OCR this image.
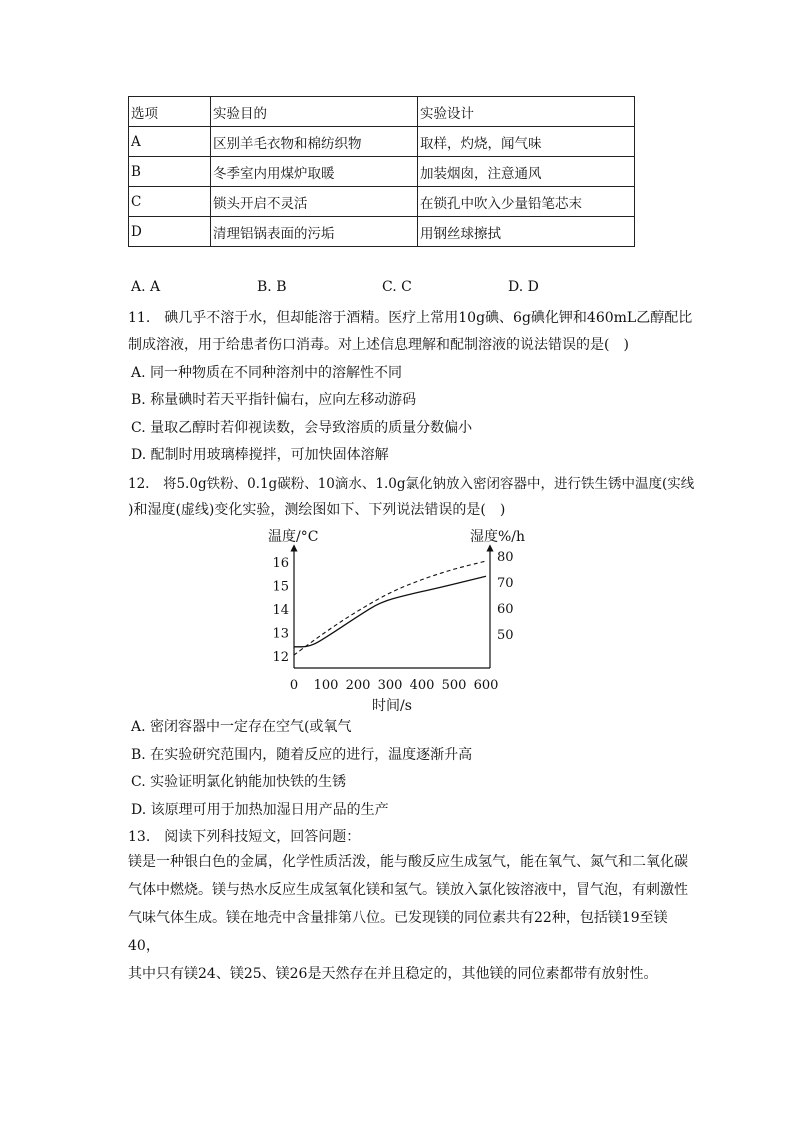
选项	实验目的	实验设计
A	区别羊毛衣物和棉纺织物	取样，灼烧，闻气味
B	冬季室内用煤炉取暖	加装烟囱，注意通风
C	锁头开启不灵活	在锁孔中吹入少量铅笔芯末
D	清理铝锅表面的污垢	用钢丝球擦拭
A. A	B. B	C. C	D. D
11.　碘几乎不溶于水，但却能溶于酒精。医疗上常用10g碘、6g碘化钾和460mL乙醇配比
制成溶液，用于给患者伤口消毒。对上述信息理解和配制溶液的说法错误的是(　)
A. 同一种物质在不同种溶剂中的溶解性不同
B. 称量碘时若天平指针偏右，应向左移动游码
C. 量取乙醇时若仰视读数，会导致溶质的质量分数偏小
D. 配制时用玻璃棒搅拌，可加快固体溶解
12.　将5.0g铁粉、0.1g碳粉、10滴水、1.0g氯化钠放入密闭容器中，进行铁生锈中温度(实线
)和湿度(虚线)变化实验，测绘图如下、下列说法错误的是(　)
温度/°C	湿度%/h
12
13
14
15
16
50
60
70
80
0 100 200 300 400 500 600
时间/s
A. 密闭容器中一定存在空气(或氧气
B. 在实验研究范围内，随着反应的进行，温度逐渐升高
C. 实验证明氯化钠能加快铁的生锈
D. 该原理可用于加热加湿日用产品的生产
13.　阅读下列科技短文，回答问题：
镁是一种银白色的金属，化学性质活泼，能与酸反应生成氢气，能在氧气、氮气和二氧化碳
气体中燃烧。镁与热水反应生成氢氧化镁和氢气。镁放入氯化铵溶液中，冒气泡，有刺激性
气味气体生成。镁在地壳中含量排第八位。已发现镁的同位素共有22种，包括镁19至镁40，
其中只有镁24、镁25、镁26是天然存在并且稳定的，其他镁的同位素都带有放射性。
